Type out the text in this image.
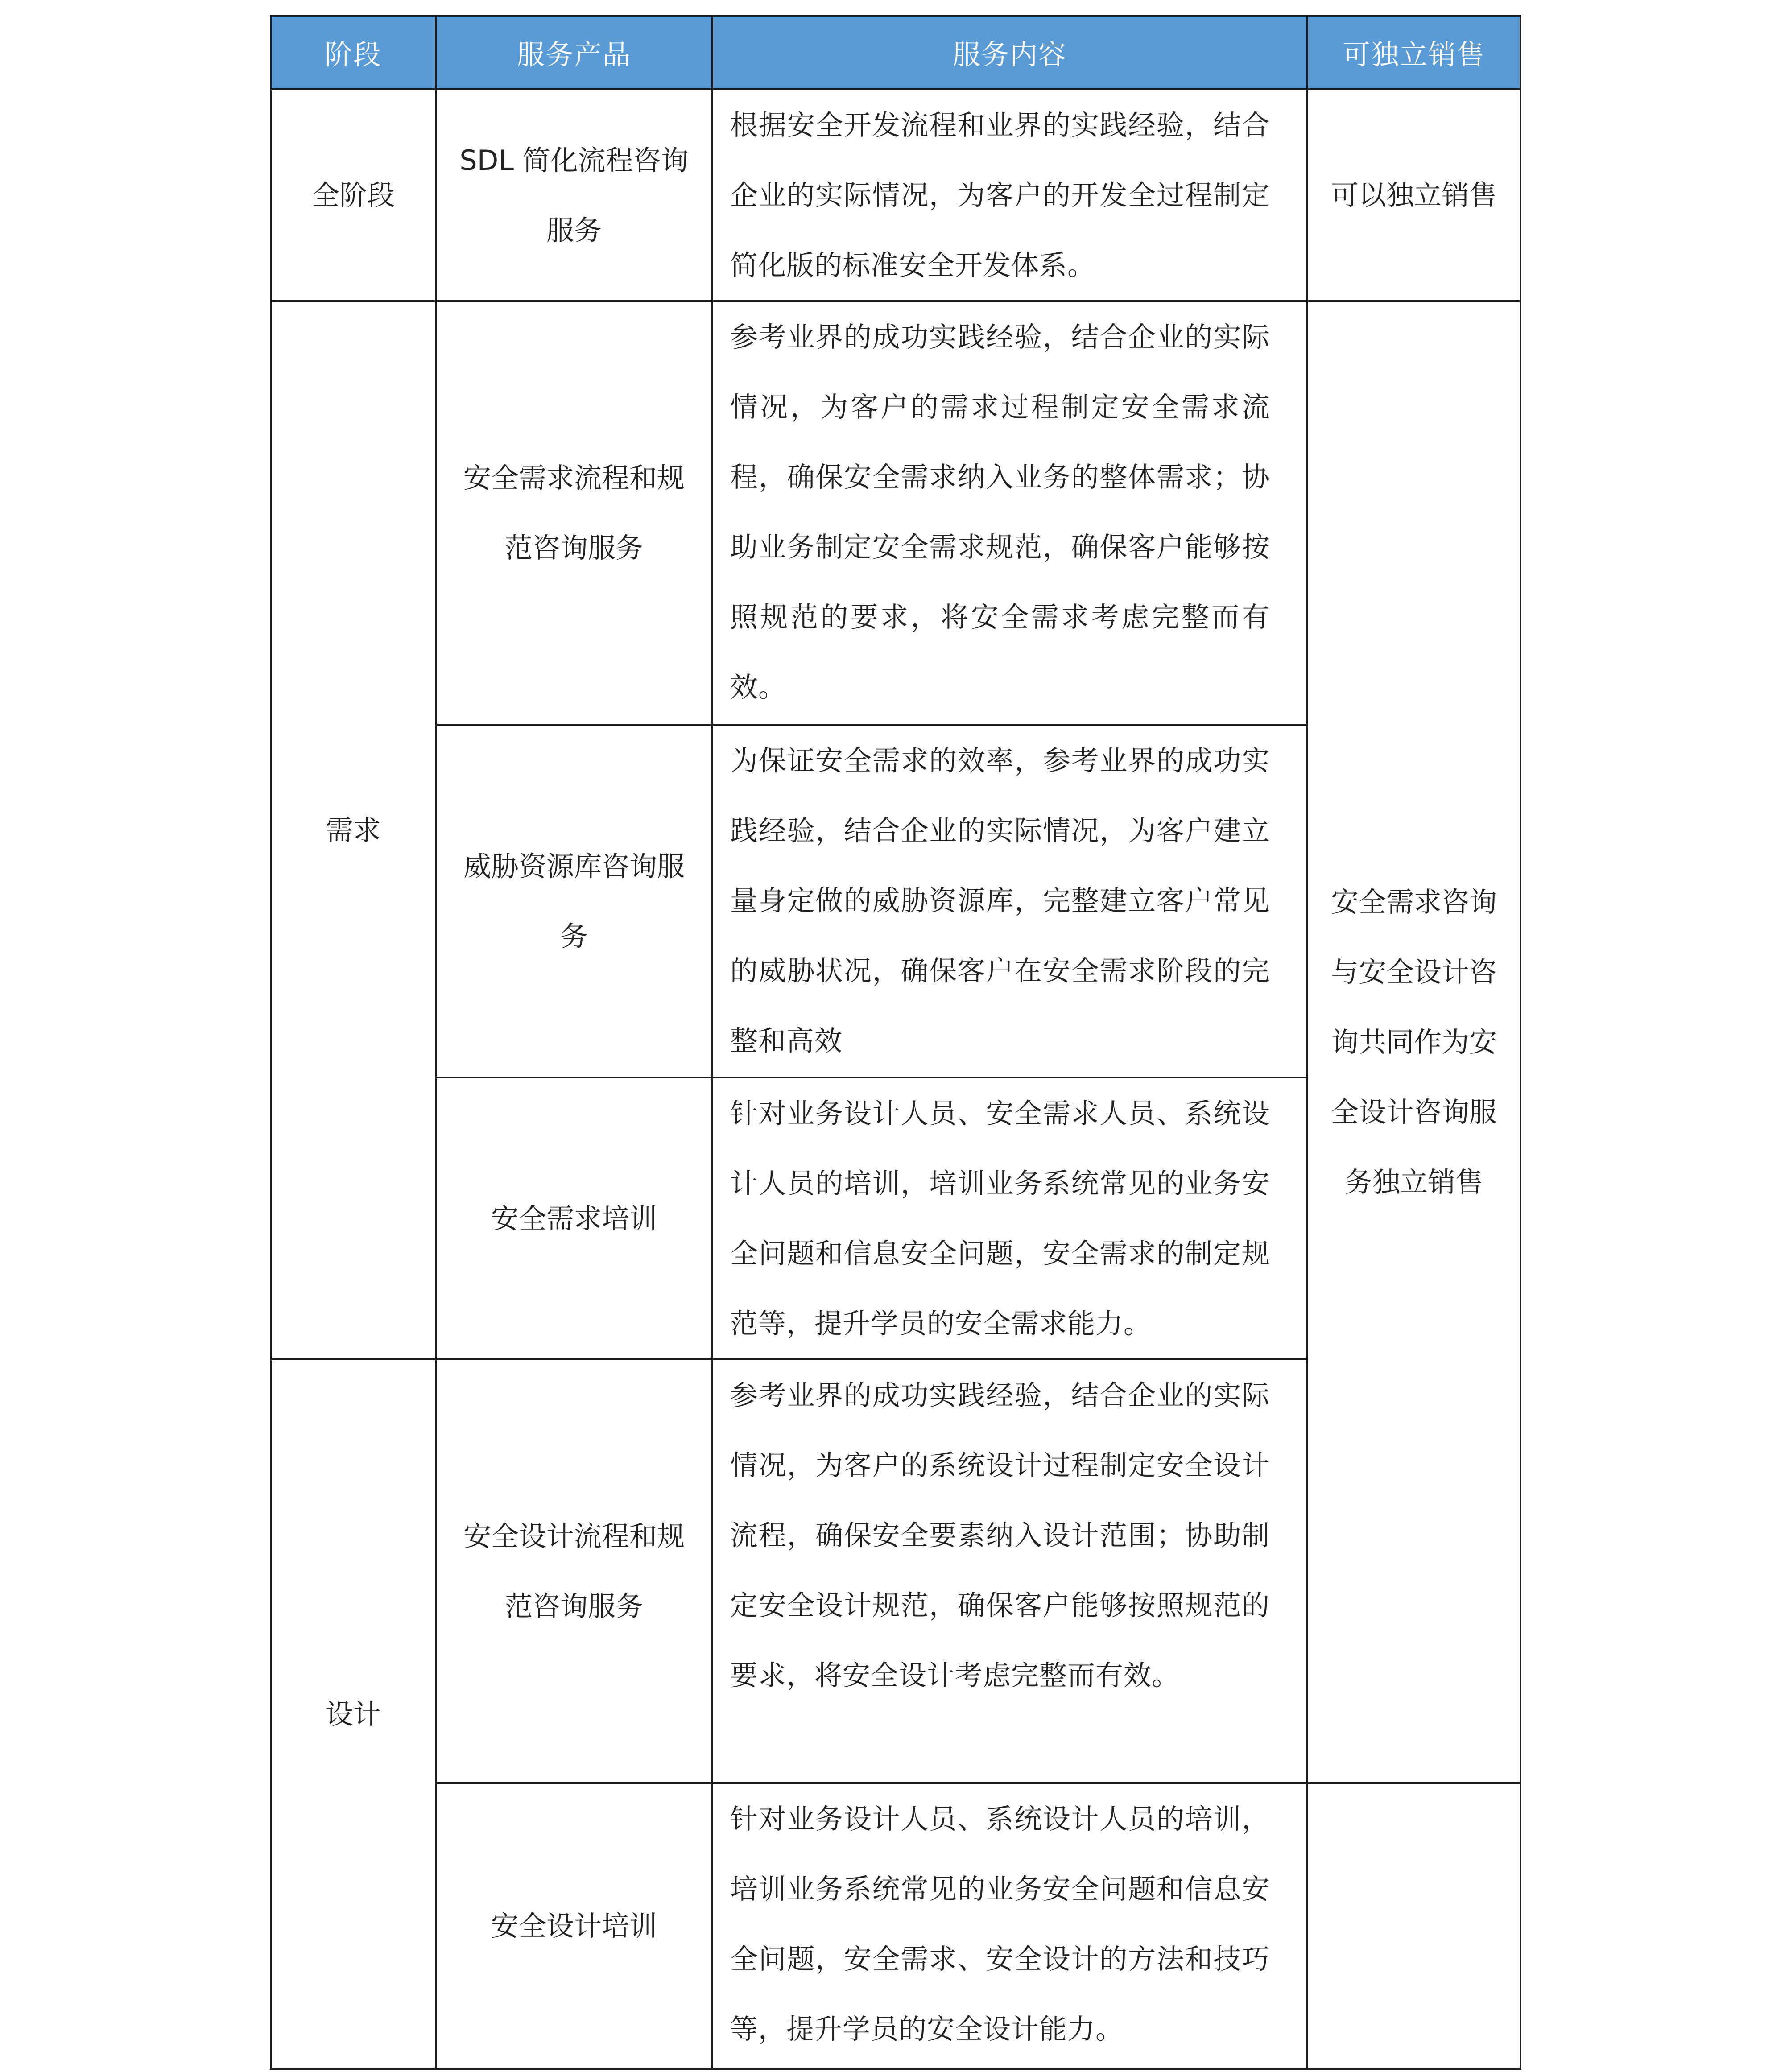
阶段	服务产品	服务内容	可独立销售
全阶段	SDL 简化流程咨询服务	根据安全开发流程和业界的实践经验，结合企业的实际情况，为客户的开发全过程制定简化版的标准安全开发体系。	可以独立销售
需求	安全需求流程和规范咨询服务	参考业界的成功实践经验，结合企业的实际情况，为客户的需求过程制定安全需求流程，确保安全需求纳入业务的整体需求；协助业务制定安全需求规范，确保客户能够按照规范的要求，将安全需求考虑完整而有效。	安全需求咨询与安全设计咨询共同作为安全设计咨询服务独立销售
	威胁资源库咨询服务	为保证安全需求的效率，参考业界的成功实践经验，结合企业的实际情况，为客户建立量身定做的威胁资源库，完整建立客户常见的威胁状况，确保客户在安全需求阶段的完整和高效	
	安全需求培训	针对业务设计人员、安全需求人员、系统设计人员的培训，培训业务系统常见的业务安全问题和信息安全问题，安全需求的制定规范等，提升学员的安全需求能力。	
设计	安全设计流程和规范咨询服务	参考业界的成功实践经验，结合企业的实际情况，为客户的系统设计过程制定安全设计流程，确保安全要素纳入设计范围；协助制定安全设计规范，确保客户能够按照规范的要求，将安全设计考虑完整而有效。	
	安全设计培训	针对业务设计人员、系统设计人员的培训，培训业务系统常见的业务安全问题和信息安全问题，安全需求、安全设计的方法和技巧等，提升学员的安全设计能力。	
